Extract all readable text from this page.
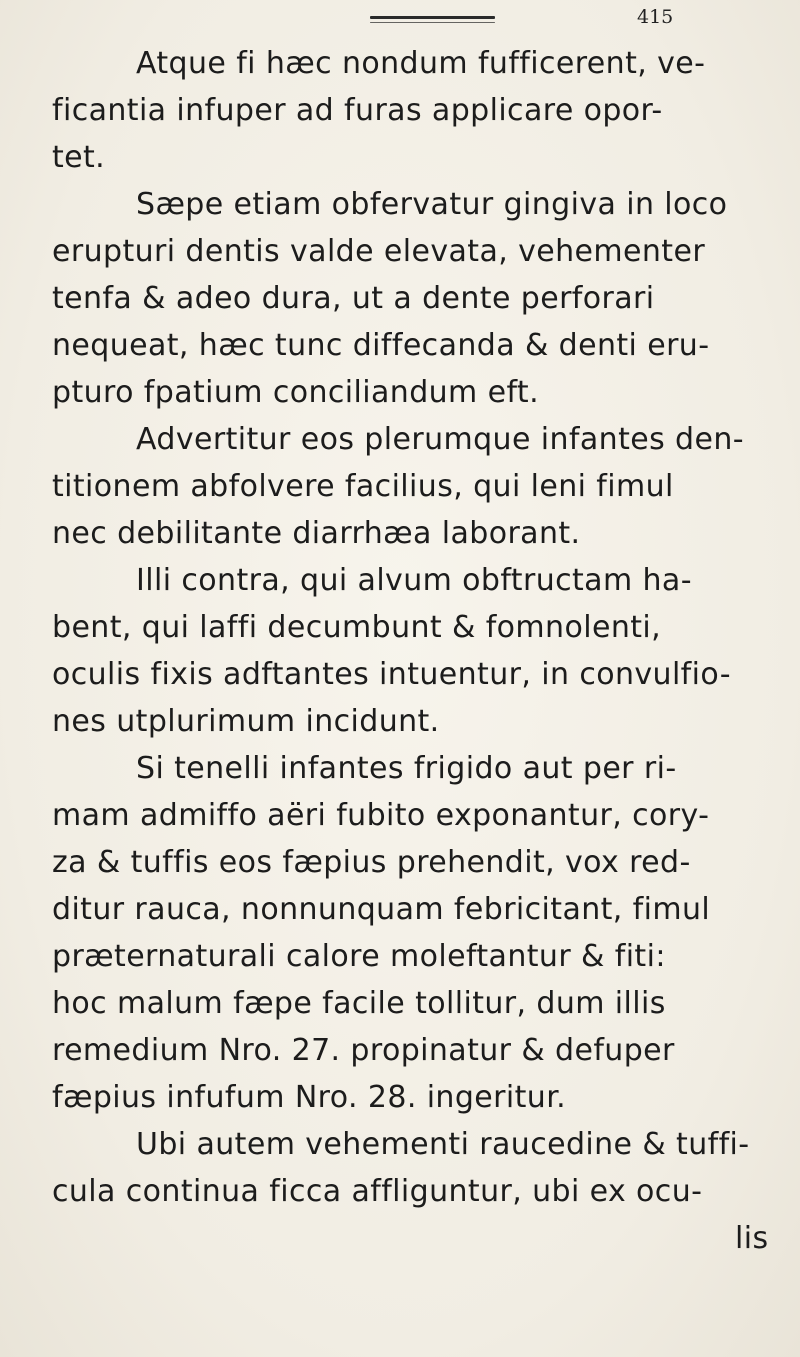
415
Atque fi hæc nondum fufficerent, ve-
ficantia infuper ad furas applicare opor-
tet.
Sæpe etiam obfervatur gingiva in loco
erupturi dentis valde elevata, vehementer
tenfa & adeo dura, ut a dente perforari
nequeat, hæc tunc diffecanda & denti eru-
pturo fpatium conciliandum eft.
Advertitur eos plerumque infantes den-
titionem abfolvere facilius, qui leni fimul
nec debilitante diarrhæa laborant.
Illi contra, qui alvum obftructam ha-
bent, qui laffi decumbunt & fomnolenti,
oculis fixis adftantes intuentur, in convulfio-
nes utplurimum incidunt.
Si tenelli infantes frigido aut per ri-
mam admiffo aëri fubito exponantur, cory-
za & tuffis eos fæpius prehendit, vox red-
ditur rauca, nonnunquam febricitant, fimul
præternaturali calore moleftantur & fiti:
hoc malum fæpe facile tollitur, dum illis
remedium Nro. 27. propinatur & defuper
fæpius infufum Nro. 28. ingeritur.
Ubi autem vehementi raucedine & tuffi-
cula continua ficca affliguntur, ubi ex ocu-
lis
